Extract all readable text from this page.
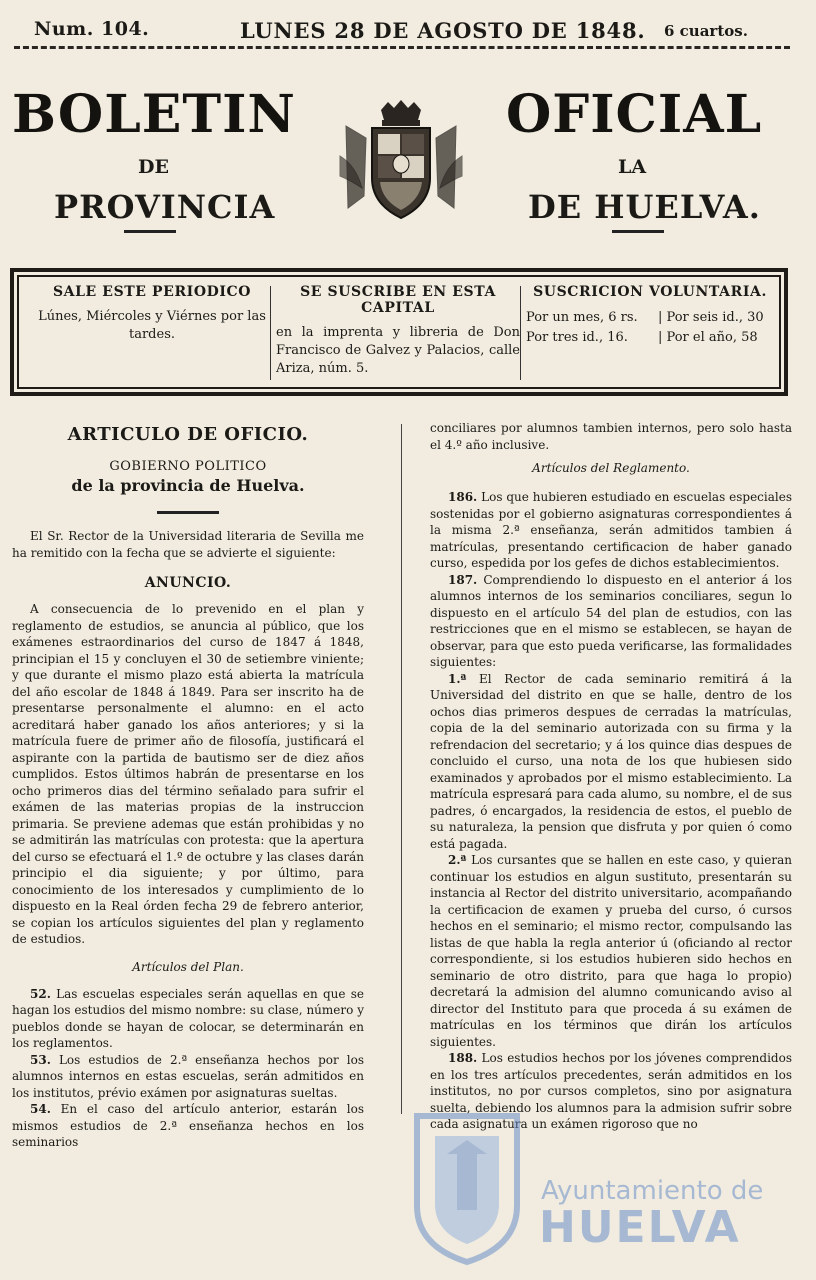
Num. 104.	LUNES 28 DE AGOSTO DE 1848. 6 cuartos.
BOLETIN	OFICIAL
DE	LA
PROVINCIA	DE HUELVA.
SALE ESTE PERIODICO
Lúnes, Miércoles y Viérnes por las tardes.
SE SUSCRIBE EN ESTA CAPITAL
en la imprenta y libreria de Don Francisco de Galvez y Palacios, calle Ariza, núm. 5.
SUSCRICION VOLUNTARIA.
Por un mes, 6 rs.	| Por seis id., 30
Por tres id., 16.	| Por el año, 58
ARTICULO DE OFICIO.
GOBIERNO POLITICO
de la provincia de Huelva.

El Sr. Rector de la Universidad literaria de Sevilla me ha remitido con la fecha que se advierte el siguiente:

ANUNCIO.

A consecuencia de lo prevenido en el plan y reglamento de estudios, se anuncia al público, que los exámenes estraordinarios del curso de 1847 á 1848, principian el 15 y concluyen el 30 de setiembre viniente; y que durante el mismo plazo está abierta la matrícula del año escolar de 1848 á 1849. Para ser inscrito ha de presentarse personalmente el alumno: en el acto acreditará haber ganado los años anteriores; y si la matrícula fuere de primer año de filosofía, justificará el aspirante con la partida de bautismo ser de diez años cumplidos. Estos últimos habrán de presentarse en los ocho primeros dias del término señalado para sufrir el exámen de las materias propias de la instruccion primaria. Se previene ademas que están prohibidas y no se admitirán las matrículas con protesta: que la apertura del curso se efectuará el 1.º de octubre y las clases darán principio el dia siguiente; y por último, para conocimiento de los interesados y cumplimiento de lo dispuesto en la Real órden fecha 29 de febrero anterior, se copian los artículos siguientes del plan y reglamento de estudios.

Artículos del Plan.

52. Las escuelas especiales serán aquellas en que se hagan los estudios del mismo nombre: su clase, número y pueblos donde se hayan de colocar, se determinarán en los reglamentos.

53. Los estudios de 2.ª enseñanza hechos por los alumnos internos en estas escuelas, serán admitidos en los institutos, prévio exámen por asignaturas sueltas.

54. En el caso del artículo anterior, estarán los mismos estudios de 2.ª enseñanza hechos en los seminarios

conciliares por alumnos tambien internos, pero solo hasta el 4.º año inclusive.

Artículos del Reglamento.

186. Los que hubieren estudiado en escuelas especiales sostenidas por el gobierno asignaturas correspondientes á la misma 2.ª enseñanza, serán admitidos tambien á matrículas, presentando certificacion de haber ganado curso, espedida por los gefes de dichos establecimientos.

187. Comprendiendo lo dispuesto en el anterior á los alumnos internos de los seminarios conciliares, segun lo dispuesto en el artículo 54 del plan de estudios, con las restricciones que en el mismo se establecen, se hayan de observar, para que esto pueda verificarse, las formalidades siguientes:

1.ª El Rector de cada seminario remitirá á la Universidad del distrito en que se halle, dentro de los ochos dias primeros despues de cerradas la matrículas, copia de la del seminario autorizada con su firma y la refrendacion del secretario; y á los quince dias despues de concluido el curso, una nota de los que hubiesen sido examinados y aprobados por el mismo establecimiento. La matrícula espresará para cada alumo, su nombre, el de sus padres, ó encargados, la residencia de estos, el pueblo de su naturaleza, la pension que disfruta y por quien ó como está pagada.

2.ª Los cursantes que se hallen en este caso, y quieran continuar los estudios en algun sustituto, presentarán su instancia al Rector del distrito universitario, acompañando la certificacion de examen y prueba del curso, ó cursos hechos en el seminario; el mismo rector, compulsando las listas de que habla la regla anterior ú (oficiando al rector correspondiente, si los estudios hubieren sido hechos en seminario de otro distrito, para que haga lo propio) decretará la admision del alumno comunicando aviso al director del Instituto para que proceda á su exámen de matrículas en los términos que dirán los artículos siguientes.

188. Los estudios hechos por los jóvenes comprendidos en los tres artículos precedentes, serán admitidos en los institutos, no por cursos completos, sino por asignatura suelta, debiendo los alumnos para la admision sufrir sobre cada asignatura un exámen rigoroso que no

Ayuntamiento de
HUELVA
